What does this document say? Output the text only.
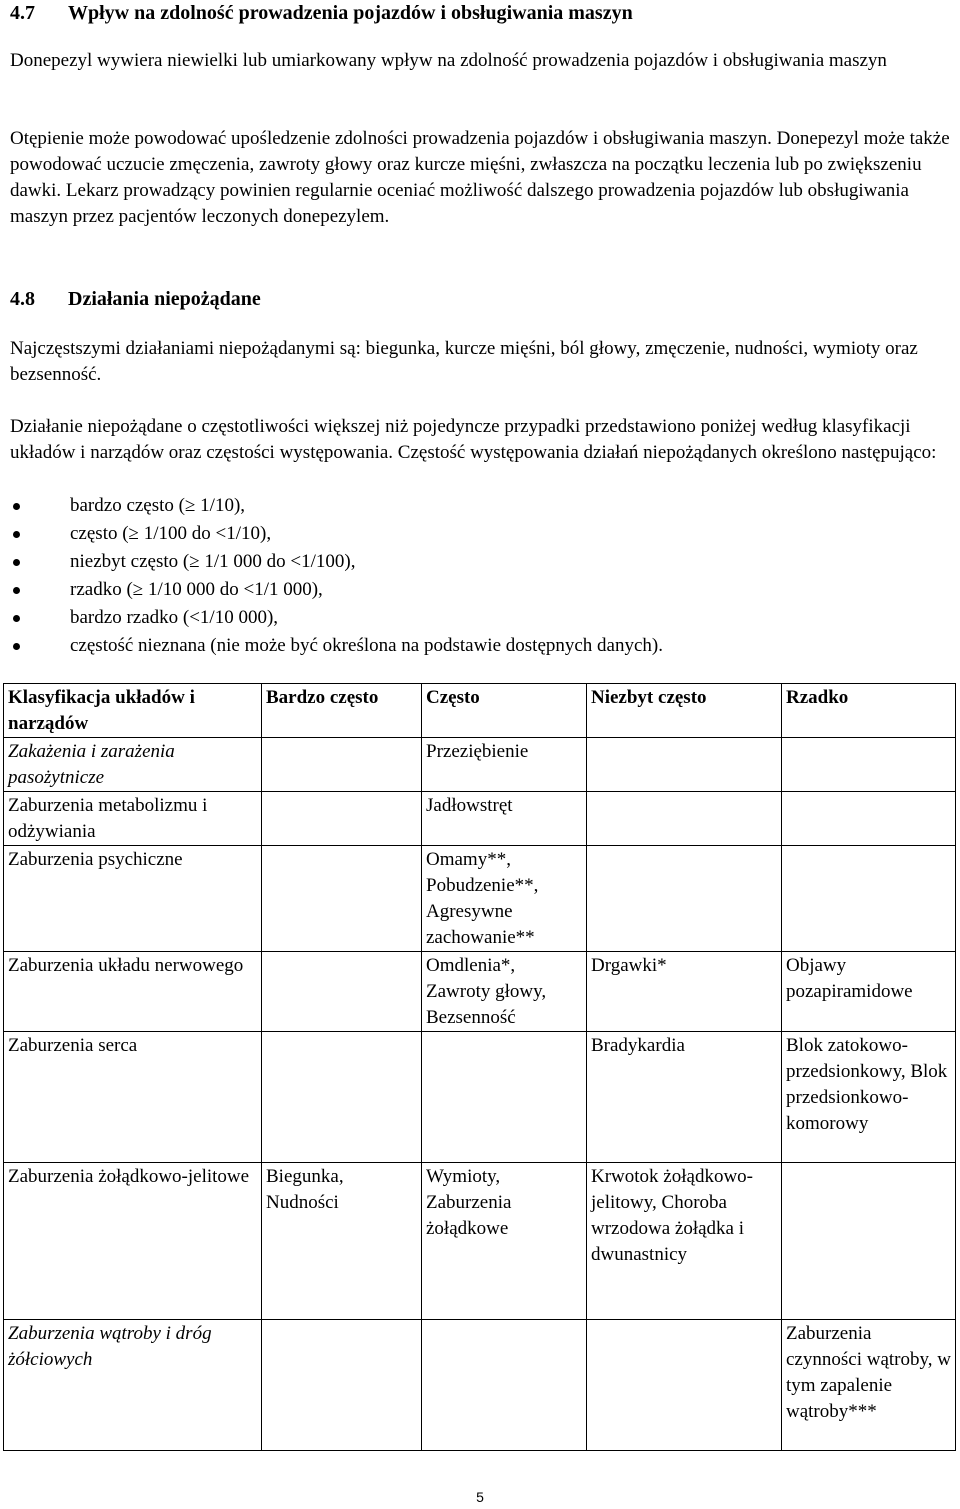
4.7 Wpływ na zdolność prowadzenia pojazdów i obsługiwania maszyn

Donepezyl wywiera niewielki lub umiarkowany wpływ na zdolność prowadzenia pojazdów i obsługiwania maszyn

Otępienie może powodować upośledzenie zdolności prowadzenia pojazdów i obsługiwania maszyn. Donepezyl może także powodować uczucie zmęczenia, zawroty głowy oraz kurcze mięśni, zwłaszcza na początku leczenia lub po zwiększeniu dawki. Lekarz prowadzący powinien regularnie oceniać możliwość dalszego prowadzenia pojazdów lub obsługiwania maszyn przez pacjentów leczonych donepezylem.

4.8 Działania niepożądane

Najczęstszymi działaniami niepożądanymi są: biegunka, kurcze mięśni, ból głowy, zmęczenie, nudności, wymioty oraz bezsenność.

Działanie niepożądane o częstotliwości większej niż pojedyncze przypadki przedstawiono poniżej według klasyfikacji układów i narządów oraz częstości występowania. Częstość występowania działań niepożądanych określono następująco:

bardzo często (≥ 1/10),
często (≥ 1/100 do <1/10),
niezbyt często (≥ 1/1 000 do <1/100),
rzadko (≥ 1/10 000 do <1/1 000),
bardzo rzadko (<1/10 000),
częstość nieznana (nie może być określona na podstawie dostępnych danych).
Klasyfikacja układów i narządów	Bardzo często	Często	Niezbyt często	Rzadko
Zakażenia i zarażenia pasożytnicze		Przeziębienie		
Zaburzenia metabolizmu i odżywiania		Jadłowstręt		
Zaburzenia psychiczne		Omamy**, Pobudzenie**, Agresywne zachowanie**		
Zaburzenia układu nerwowego		Omdlenia*, Zawroty głowy, Bezsenność	Drgawki*	Objawy pozapiramidowe
Zaburzenia serca			Bradykardia	Blok zatokowo-przedsionkowy, Blok przedsionkowo-komorowy
Zaburzenia żołądkowo-jelitowe	Biegunka, Nudności	Wymioty, Zaburzenia żołądkowe	Krwotok żołądkowo-jelitowy, Choroba wrzodowa żołądka i dwunastnicy	
Zaburzenia wątroby i dróg żółciowych				Zaburzenia czynności wątroby, w tym zapalenie wątroby***
5
